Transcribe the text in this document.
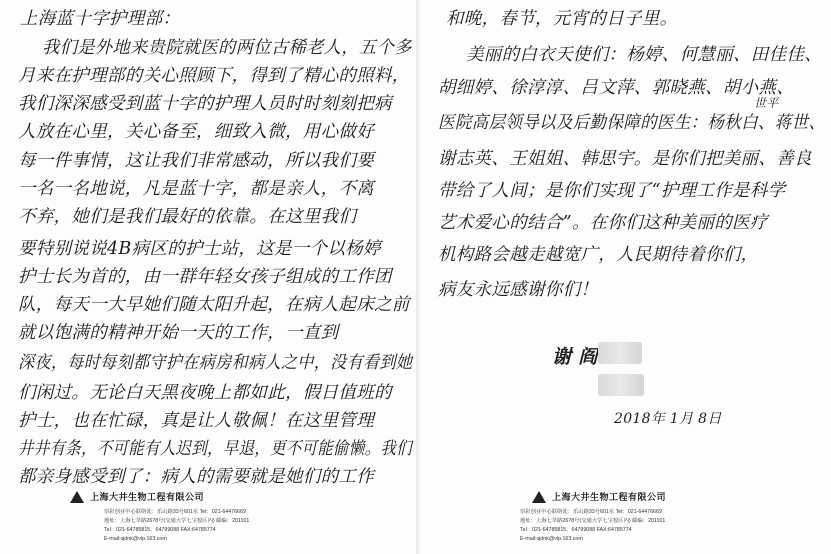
上海蓝十字护理部：
我们是外地来贵院就医的两位古稀老人，五个多
月来在护理部的关心照顾下，得到了精心的照料，
我们深深感受到蓝十字的护理人员时时刻刻把病
人放在心里，关心备至，细致入微，用心做好
每一件事情，这让我们非常感动，所以我们要
一名一名地说，凡是蓝十字，都是亲人，不离
不弃，她们是我们最好的依靠。在这里我们
要特别说说4B病区的护士站，这是一个以杨婷
护士长为首的，由一群年轻女孩子组成的工作团
队，每天一大早她们随太阳升起，在病人起床之前
就以饱满的精神开始一天的工作，一直到
深夜，每时每刻都守护在病房和病人之中，没有看到她
们闲过。无论白天黑夜晚上都如此，假日值班的
护士，也在忙碌，真是让人敬佩！在这里管理
井井有条，不可能有人迟到，早退，更不可能偷懒。我们
都亲身感受到了：病人的需要就是她们的工作
上海大井生物工程有限公司
崇彩创业中心联络处：乐山路33号601室 Tel：021-64476669
地址：上海七莘路2678号(交通大学七宝校区内) 邮编：201101
Tel：021-64785815、64799088 FAX:64785774
E-mail:sjdnk@vip.163.com
和晚，春节，元宵的日子里。
美丽的白衣天使们：杨婷、何慧丽、田佳佳、
胡细婷、徐淳淳、吕文萍、郭晓燕、胡小燕、
世平
医院高层领导以及后勤保障的医生：杨秋白、蒋世、
谢志英、王姐姐、韩思宇。是你们把美丽、善良
带给了人间；是你们实现了“护理工作是科学
艺术爱心的结合”。在你们这种美丽的医疗
机构路会越走越宽广，人民期待着你们，
病友永远感谢你们！
谢 阎
2018年 1月 8日
上海大井生物工程有限公司
崇彩创业中心联络处：乐山路33号601室 Tel：021-64476669
地址：上海七莘路2678号(交通大学七宝校区内) 邮编：201101
Tel：021-64785815、64799088 FAX:64785774
E-mail:sjdnk@vip.163.com
